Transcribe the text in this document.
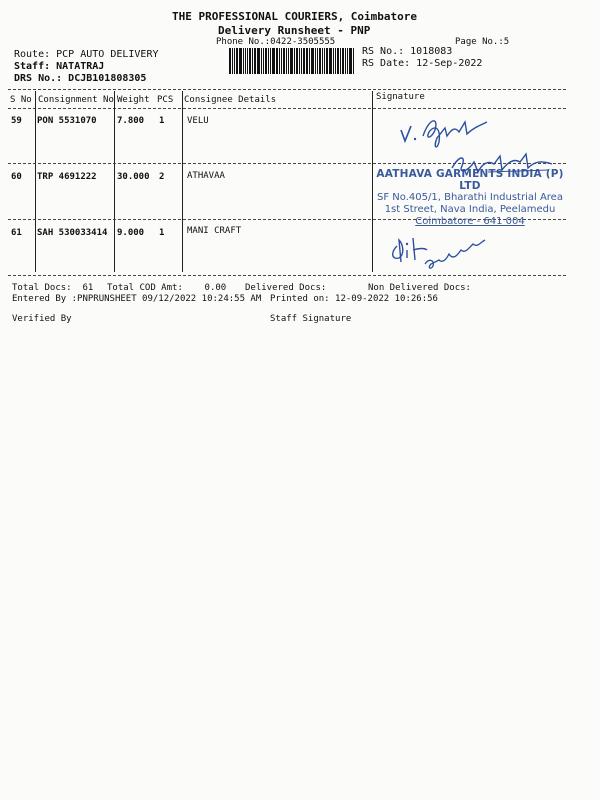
THE PROFESSIONAL COURIERS, Coimbatore
Delivery Runsheet - PNP
Phone No.:0422-3505555	Page No.:5
Route: PCP AUTO DELIVERY
Staff: NATATRAJ
DRS No.: DCJB101808305
RS No.: 1018083
RS Date: 12-Sep-2022
S No Consignment No Weight PCS Consignee Details	Signature
59 PON 5531070 7.800 1	VELU
60 TRP 4691222 30.000 2	ATHAVAA
61 SAH 530033414 9.000 1	MANI CRAFT
AATHAVA GARMENTS INDIA (P) LTD
SF No.405/1, Bharathi Industrial Area
1st Street, Nava India, Peelamedu
Coimbatore - 641 004
Total Docs:  61 Total COD Amt:    0.00 Delivered Docs:	Non Delivered Docs:
Entered By :PNPRUNSHEET 09/12/2022 10:24:55 AM Printed on: 12-09-2022 10:26:56
Verified By	Staff Signature
